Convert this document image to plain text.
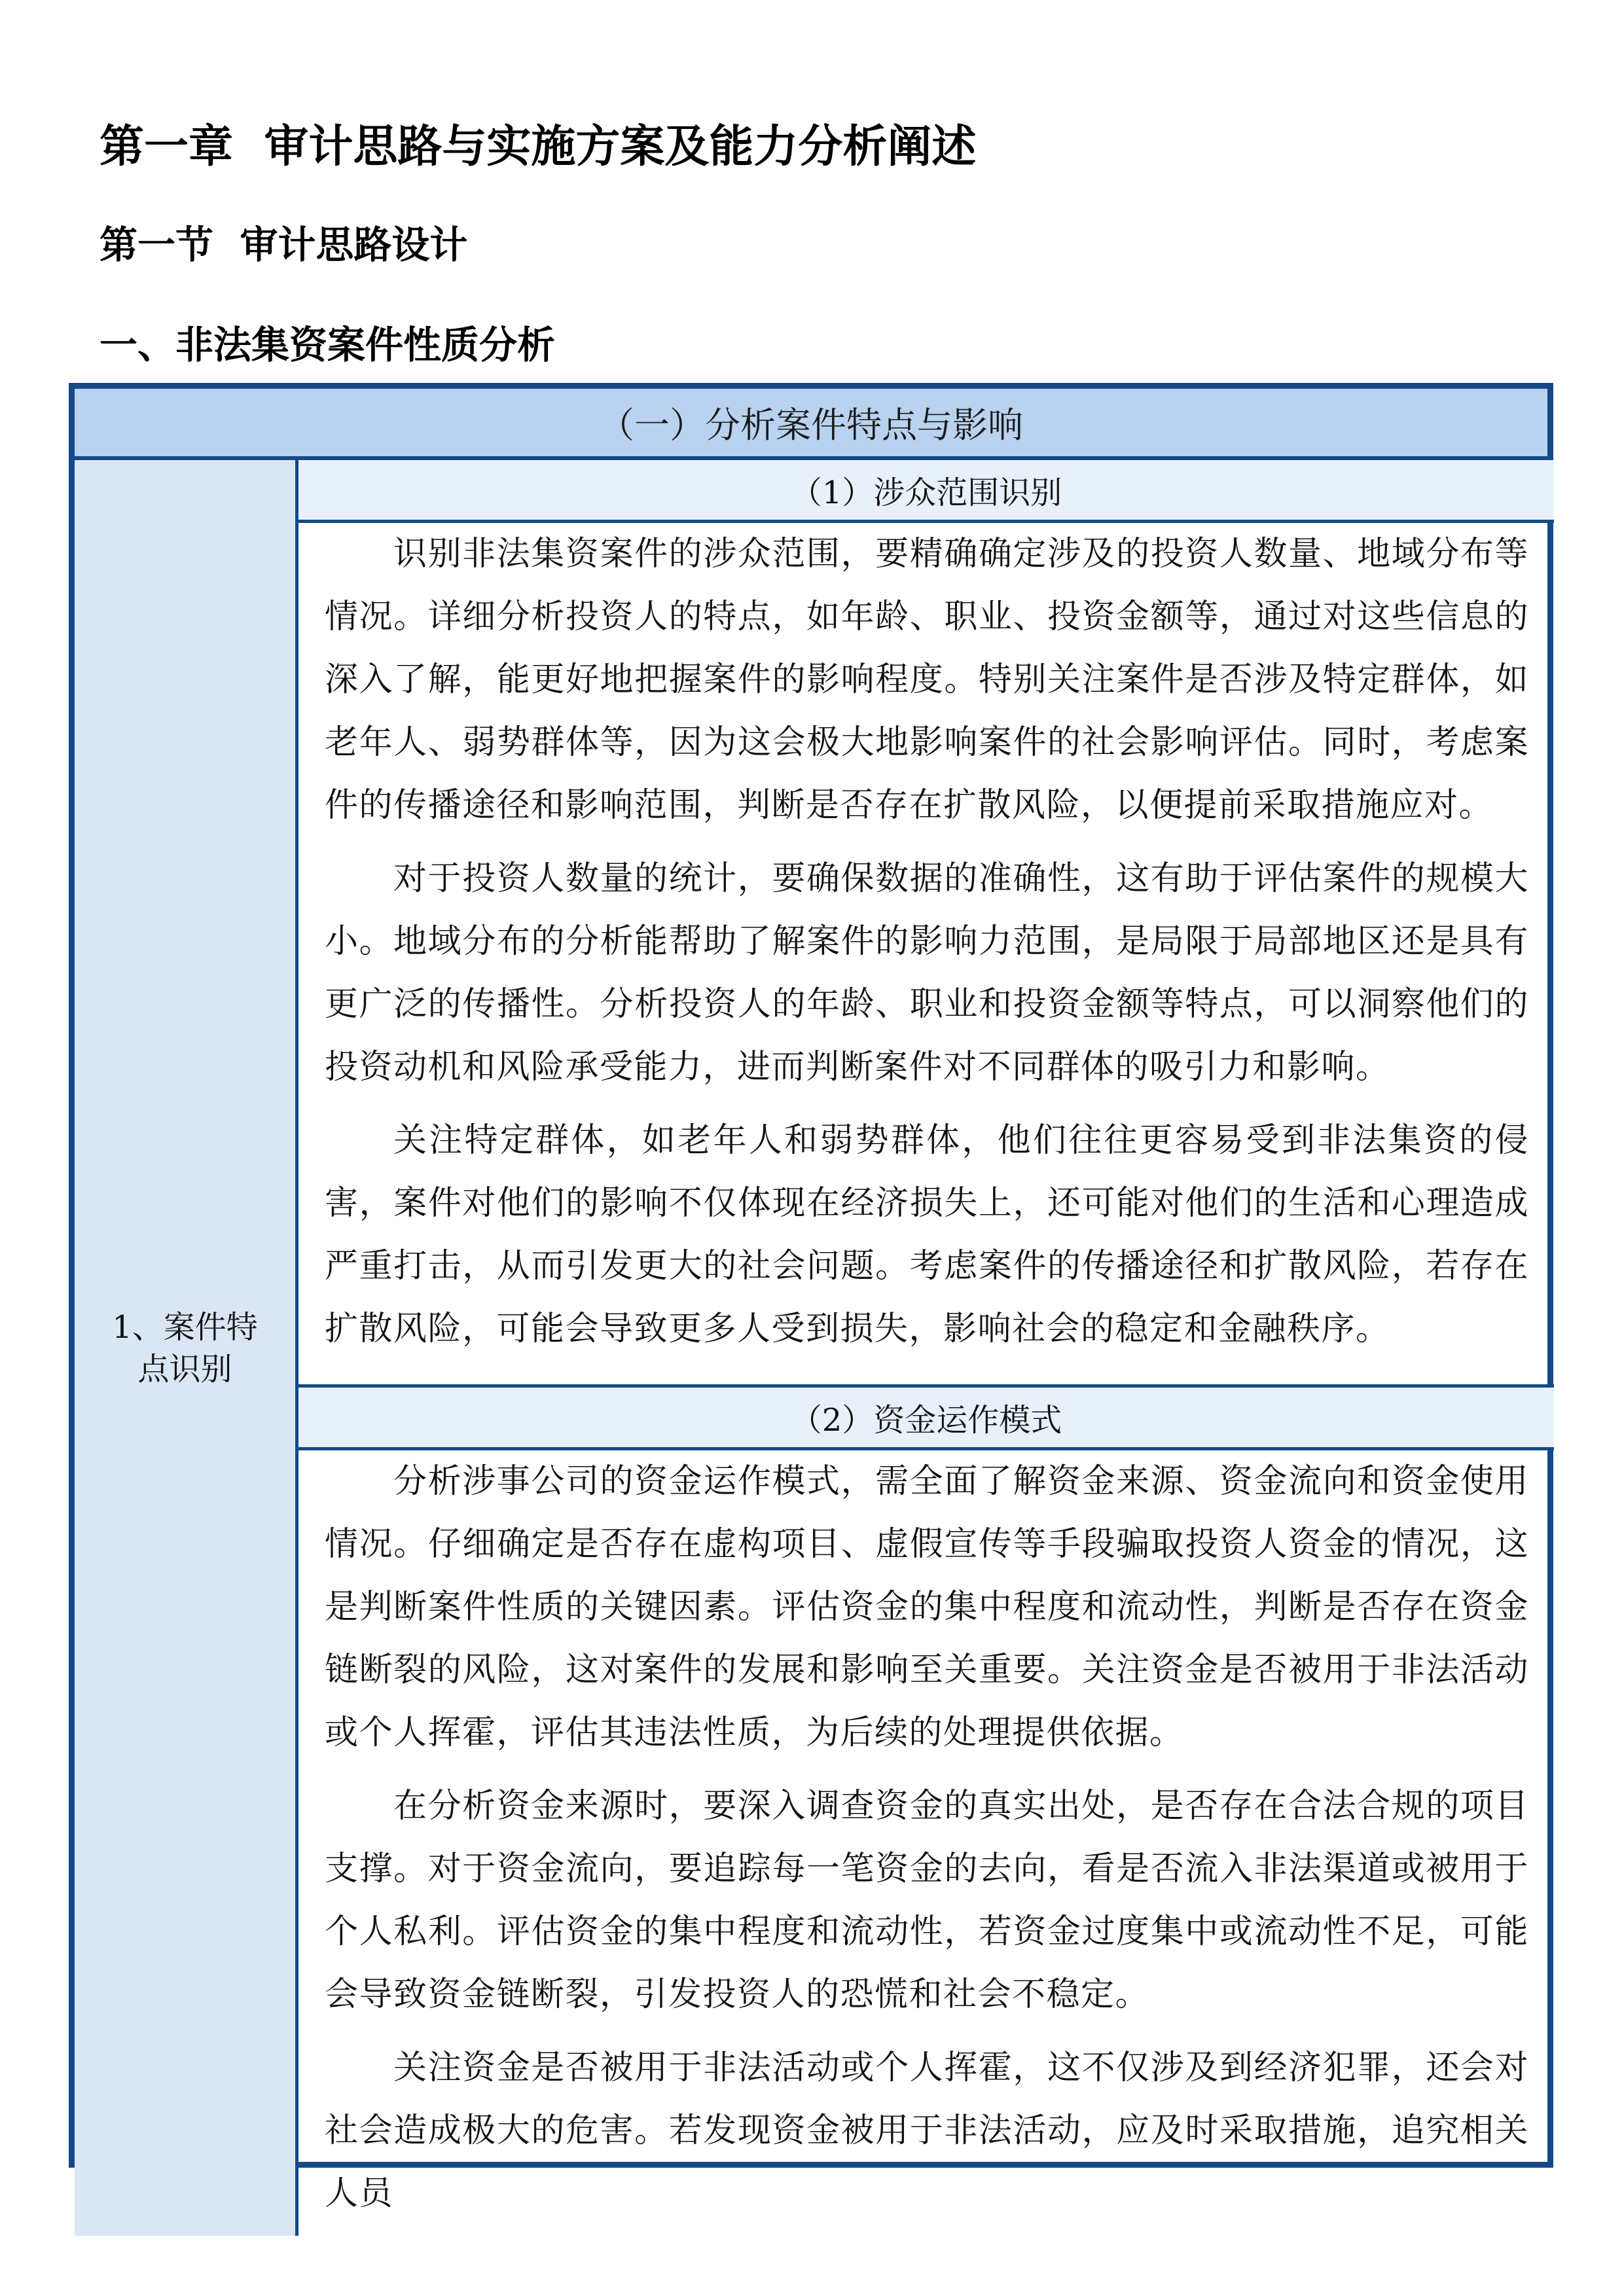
第一章  审计思路与实施方案及能力分析阐述
第一节  审计思路设计
一、非法集资案件性质分析
（一）分析案件特点与影响
1、案件特点识别
（1）涉众范围识别

识别非法集资案件的涉众范围，要精确确定涉及的投资人数量、地域分布等情况。详细分析投资人的特点，如年龄、职业、投资金额等，通过对这些信息的深入了解，能更好地把握案件的影响程度。特别关注案件是否涉及特定群体，如老年人、弱势群体等，因为这会极大地影响案件的社会影响评估。同时，考虑案件的传播途径和影响范围，判断是否存在扩散风险，以便提前采取措施应对。

对于投资人数量的统计，要确保数据的准确性，这有助于评估案件的规模大小。地域分布的分析能帮助了解案件的影响力范围，是局限于局部地区还是具有更广泛的传播性。分析投资人的年龄、职业和投资金额等特点，可以洞察他们的投资动机和风险承受能力，进而判断案件对不同群体的吸引力和影响。

关注特定群体，如老年人和弱势群体，他们往往更容易受到非法集资的侵害，案件对他们的影响不仅体现在经济损失上，还可能对他们的生活和心理造成严重打击，从而引发更大的社会问题。考虑案件的传播途径和扩散风险，若存在扩散风险，可能会导致更多人受到损失，影响社会的稳定和金融秩序。

（2）资金运作模式

分析涉事公司的资金运作模式，需全面了解资金来源、资金流向和资金使用情况。仔细确定是否存在虚构项目、虚假宣传等手段骗取投资人资金的情况，这是判断案件性质的关键因素。评估资金的集中程度和流动性，判断是否存在资金链断裂的风险，这对案件的发展和影响至关重要。关注资金是否被用于非法活动或个人挥霍，评估其违法性质，为后续的处理提供依据。

在分析资金来源时，要深入调查资金的真实出处，是否存在合法合规的项目支撑。对于资金流向，要追踪每一笔资金的去向，看是否流入非法渠道或被用于个人私利。评估资金的集中程度和流动性，若资金过度集中或流动性不足，可能会导致资金链断裂，引发投资人的恐慌和社会不稳定。

关注资金是否被用于非法活动或个人挥霍，这不仅涉及到经济犯罪，还会对社会造成极大的危害。若发现资金被用于非法活动，应及时采取措施，追究相关人员
